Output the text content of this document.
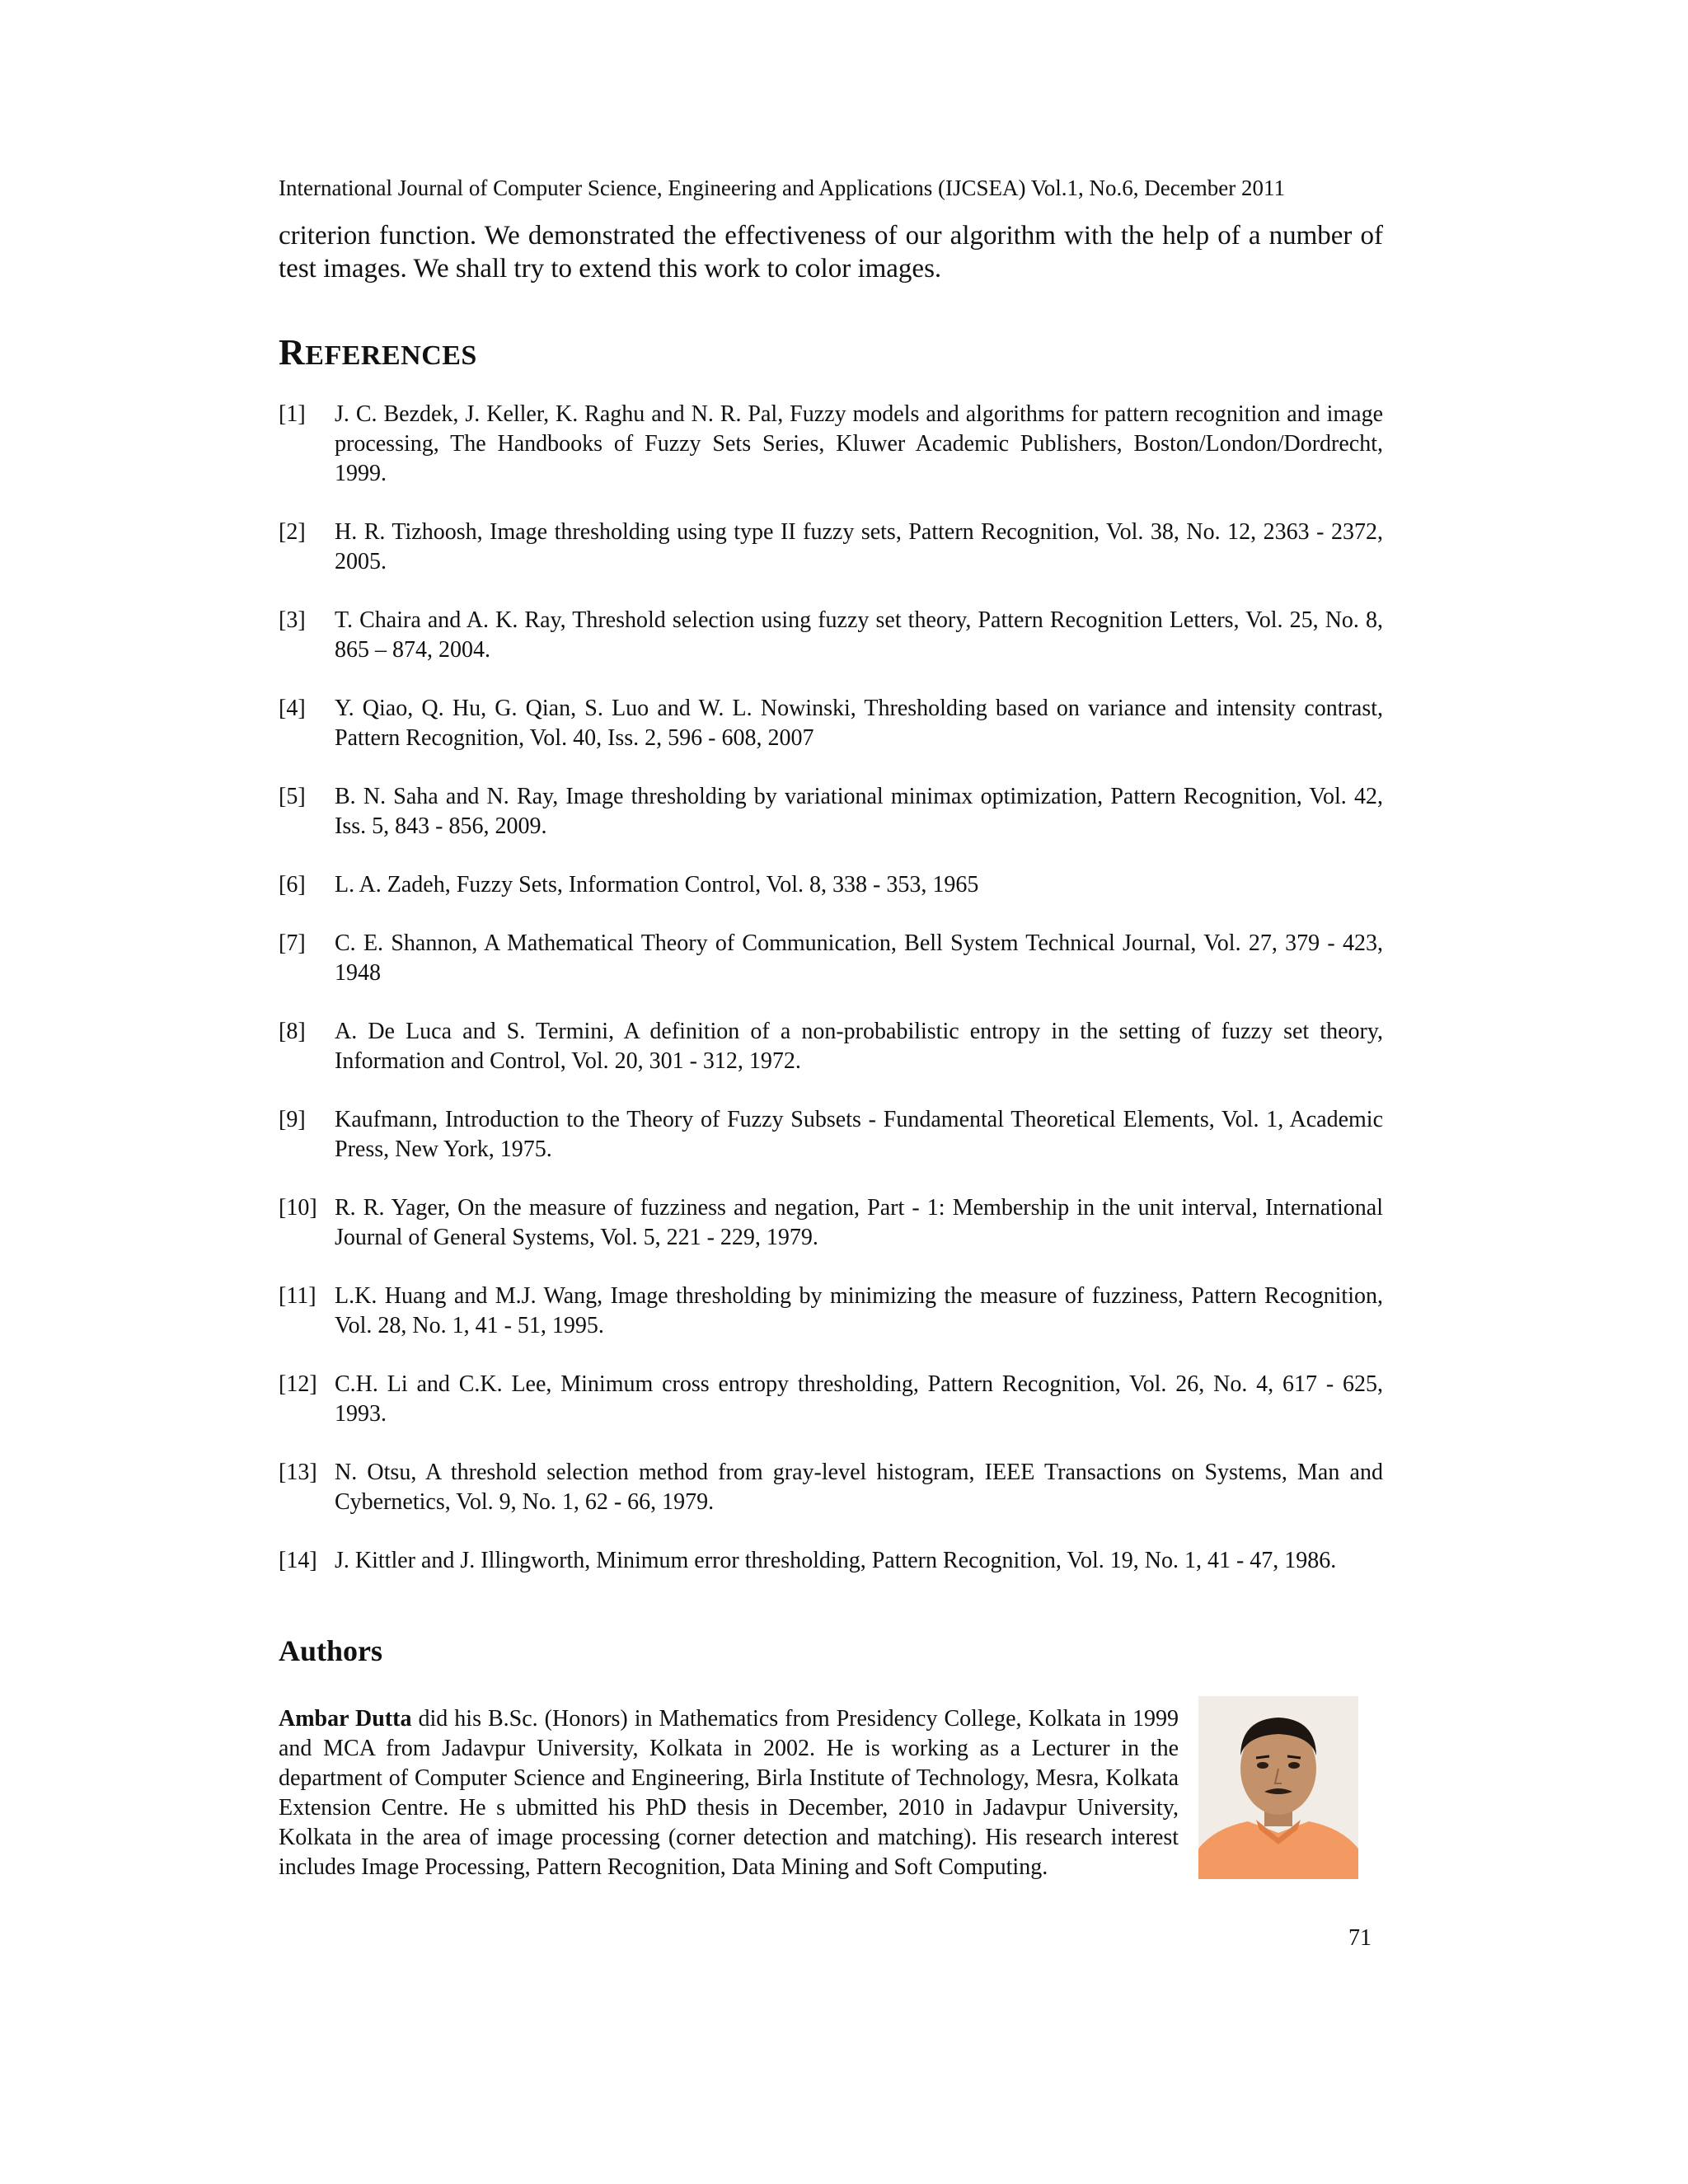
International Journal of Computer Science, Engineering and Applications (IJCSEA) Vol.1, No.6, December 2011

criterion function. We demonstrated the effectiveness of our algorithm with the help of a number of test images. We shall try to extend this work to color images.

REFERENCES
[1] J. C. Bezdek, J. Keller, K. Raghu and N. R. Pal, Fuzzy models and algorithms for pattern recognition and image processing, The Handbooks of Fuzzy Sets Series, Kluwer Academic Publishers, Boston/London/Dordrecht, 1999.
[2] H. R. Tizhoosh, Image thresholding using type II fuzzy sets, Pattern Recognition, Vol. 38, No. 12, 2363 - 2372, 2005.
[3] T. Chaira and A. K. Ray, Threshold selection using fuzzy set theory, Pattern Recognition Letters, Vol. 25, No. 8, 865 – 874, 2004.
[4] Y. Qiao, Q. Hu, G. Qian, S. Luo and W. L. Nowinski, Thresholding based on variance and intensity contrast, Pattern Recognition, Vol. 40, Iss. 2, 596 - 608, 2007
[5] B. N. Saha and N. Ray, Image thresholding by variational minimax optimization, Pattern Recognition, Vol. 42, Iss. 5, 843 - 856, 2009.
[6] L. A. Zadeh, Fuzzy Sets, Information Control, Vol. 8, 338 - 353, 1965
[7] C. E. Shannon, A Mathematical Theory of Communication, Bell System Technical Journal, Vol. 27, 379 - 423, 1948
[8] A. De Luca and S. Termini, A definition of a non-probabilistic entropy in the setting of fuzzy set theory, Information and Control, Vol. 20, 301 - 312, 1972.
[9] Kaufmann, Introduction to the Theory of Fuzzy Subsets - Fundamental Theoretical Elements, Vol. 1, Academic Press, New York, 1975.
[10] R. R. Yager, On the measure of fuzziness and negation, Part - 1: Membership in the unit interval, International Journal of General Systems, Vol. 5, 221 - 229, 1979.
[11] L.K. Huang and M.J. Wang, Image thresholding by minimizing the measure of fuzziness, Pattern Recognition, Vol. 28, No. 1, 41 - 51, 1995.
[12] C.H. Li and C.K. Lee, Minimum cross entropy thresholding, Pattern Recognition, Vol. 26, No. 4, 617 - 625, 1993.
[13] N. Otsu, A threshold selection method from gray-level histogram, IEEE Transactions on Systems, Man and Cybernetics, Vol. 9, No. 1, 62 - 66, 1979.
[14] J. Kittler and J. Illingworth, Minimum error thresholding, Pattern Recognition, Vol. 19, No. 1, 41 - 47, 1986.
Authors

Ambar Dutta did his B.Sc. (Honors) in Mathematics from Presidency College, Kolkata in 1999 and MCA from Jadavpur University, Kolkata in 2002. He is working as a Lecturer in the department of Computer Science and Engineering, Birla Institute of Technology, Mesra, Kolkata Extension Centre. He s ubmitted his PhD thesis in December, 2010 in Jadavpur University, Kolkata in the area of image processing (corner detection and matching). His research interest includes Image Processing, Pattern Recognition, Data Mining and Soft Computing.

71
